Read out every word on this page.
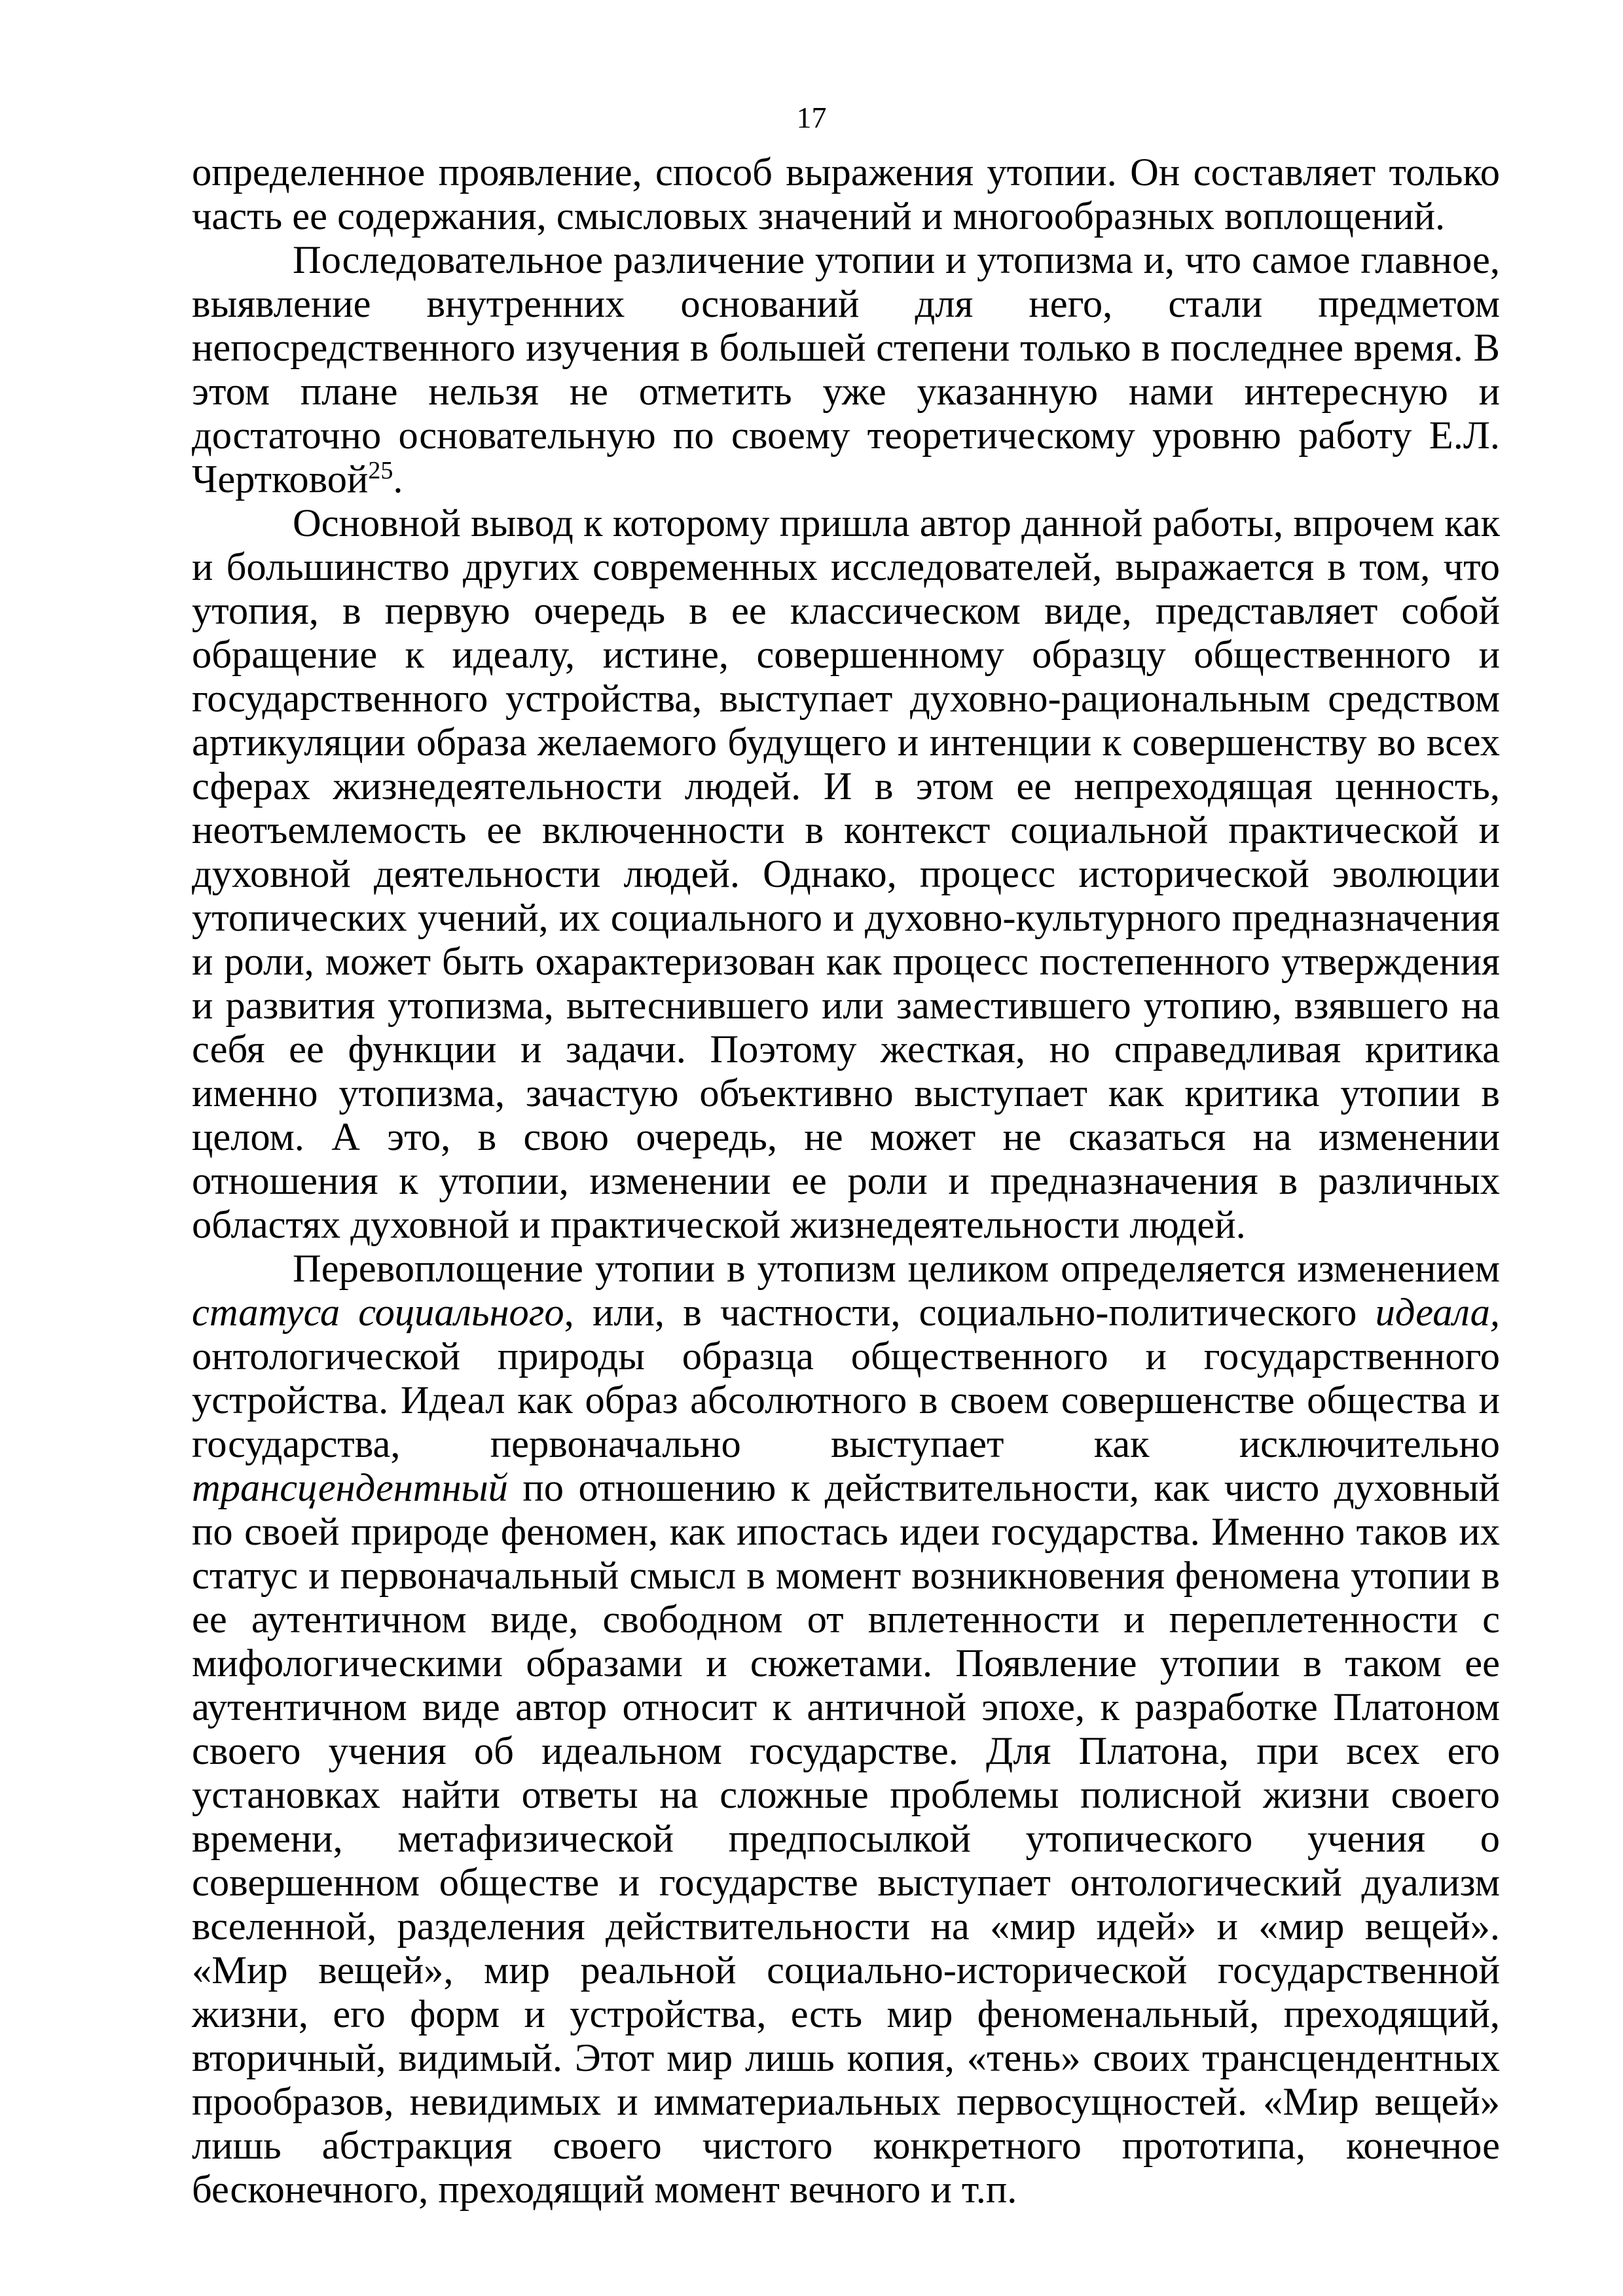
17

определенное проявление, способ выражения утопии. Он составляет только часть ее содержания, смысловых значений и многообразных воплощений.

Последовательное различение утопии и утопизма и, что самое главное, выявление внутренних оснований для него, стали предметом непосредственного изучения в большей степени только в последнее время. В этом плане нельзя не отметить уже указанную нами интересную и достаточно основательную по своему теоретическому уровню работу Е.Л. Чертковой$^{25}$.

Основной вывод к которому пришла автор данной работы, впрочем как и большинство других современных исследователей, выражается в том, что утопия, в первую очередь в ее классическом виде, представляет собой обращение к идеалу, истине, совершенному образцу общественного и государственного устройства, выступает духовно-рациональным средством артикуляции образа желаемого будущего и интенции к совершенству во всех сферах жизнедеятельности людей. И в этом ее непреходящая ценность, неотъемлемость ее включенности в контекст социальной практической и духовной деятельности людей. Однако, процесс исторической эволюции утопических учений, их социального и духовно-культурного предназначения и роли, может быть охарактеризован как процесс постепенного утверждения и развития утопизма, вытеснившего или заместившего утопию, взявшего на себя ее функции и задачи. Поэтому жесткая, но справедливая критика именно утопизма, зачастую объективно выступает как критика утопии в целом. А это, в свою очередь, не может не сказаться на изменении отношения к утопии, изменении ее роли и предназначения в различных областях духовной и практической жизнедеятельности людей.

Перевоплощение утопии в утопизм целиком определяется изменением статуса социального, или, в частности, социально-политического идеала, онтологической природы образца общественного и государственного устройства. Идеал как образ абсолютного в своем совершенстве общества и государства, первоначально выступает как исключительно трансцендентный по отношению к действительности, как чисто духовный по своей природе феномен, как ипостась идеи государства. Именно таков их статус и первоначальный смысл в момент возникновения феномена утопии в ее аутентичном виде, свободном от вплетенности и переплетенности с мифологическими образами и сюжетами. Появление утопии в таком ее аутентичном виде автор относит к античной эпохе, к разработке Платоном своего учения об идеальном государстве. Для Платона, при всех его установках найти ответы на сложные проблемы полисной жизни своего времени, метафизической предпосылкой утопического учения о совершенном обществе и государстве выступает онтологический дуализм вселенной, разделения действительности на «мир идей» и «мир вещей». «Мир вещей», мир реальной социально-исторической государственной жизни, его форм и устройства, есть мир феноменальный, преходящий, вторичный, видимый. Этот мир лишь копия, «тень» своих трансцендентных прообразов, невидимых и имматериальных первосущностей. «Мир вещей» лишь абстракция своего чистого конкретного прототипа, конечное бесконечного, преходящий момент вечного и т.п.
